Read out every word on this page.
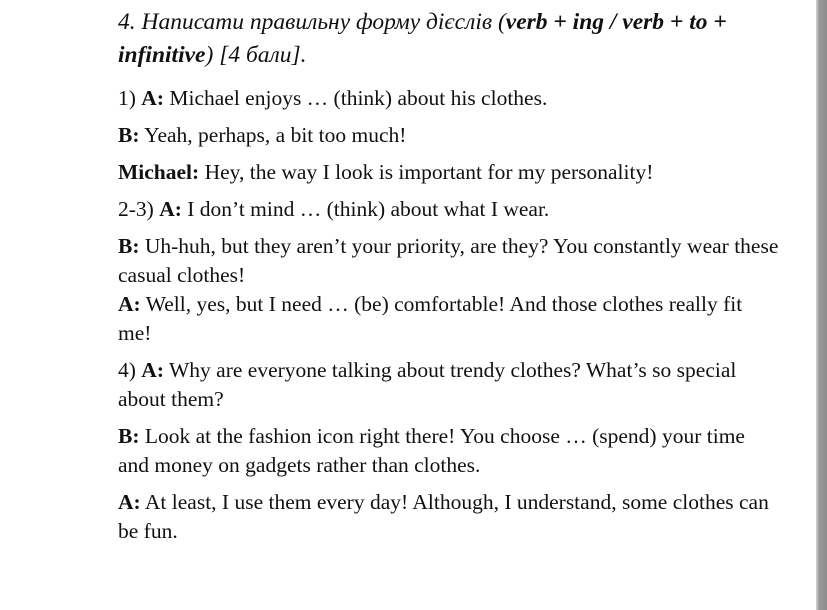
4. Написати правильну форму дієслів (verb + ing / verb + to + infinitive) [4 бали].

1) A: Michael enjoys … (think) about his clothes.

B: Yeah, perhaps, a bit too much!

Michael: Hey, the way I look is important for my personality!

2-3) A: I don’t mind … (think) about what I wear.

B: Uh-huh, but they aren’t your priority, are they? You constantly wear these casual clothes!

A: Well, yes, but I need … (be) comfortable! And those clothes really fit me!

4) A: Why are everyone talking about trendy clothes? What’s so special about them?

B: Look at the fashion icon right there! You choose … (spend) your time and money on gadgets rather than clothes.

A: At least, I use them every day! Although, I understand, some clothes can be fun.
